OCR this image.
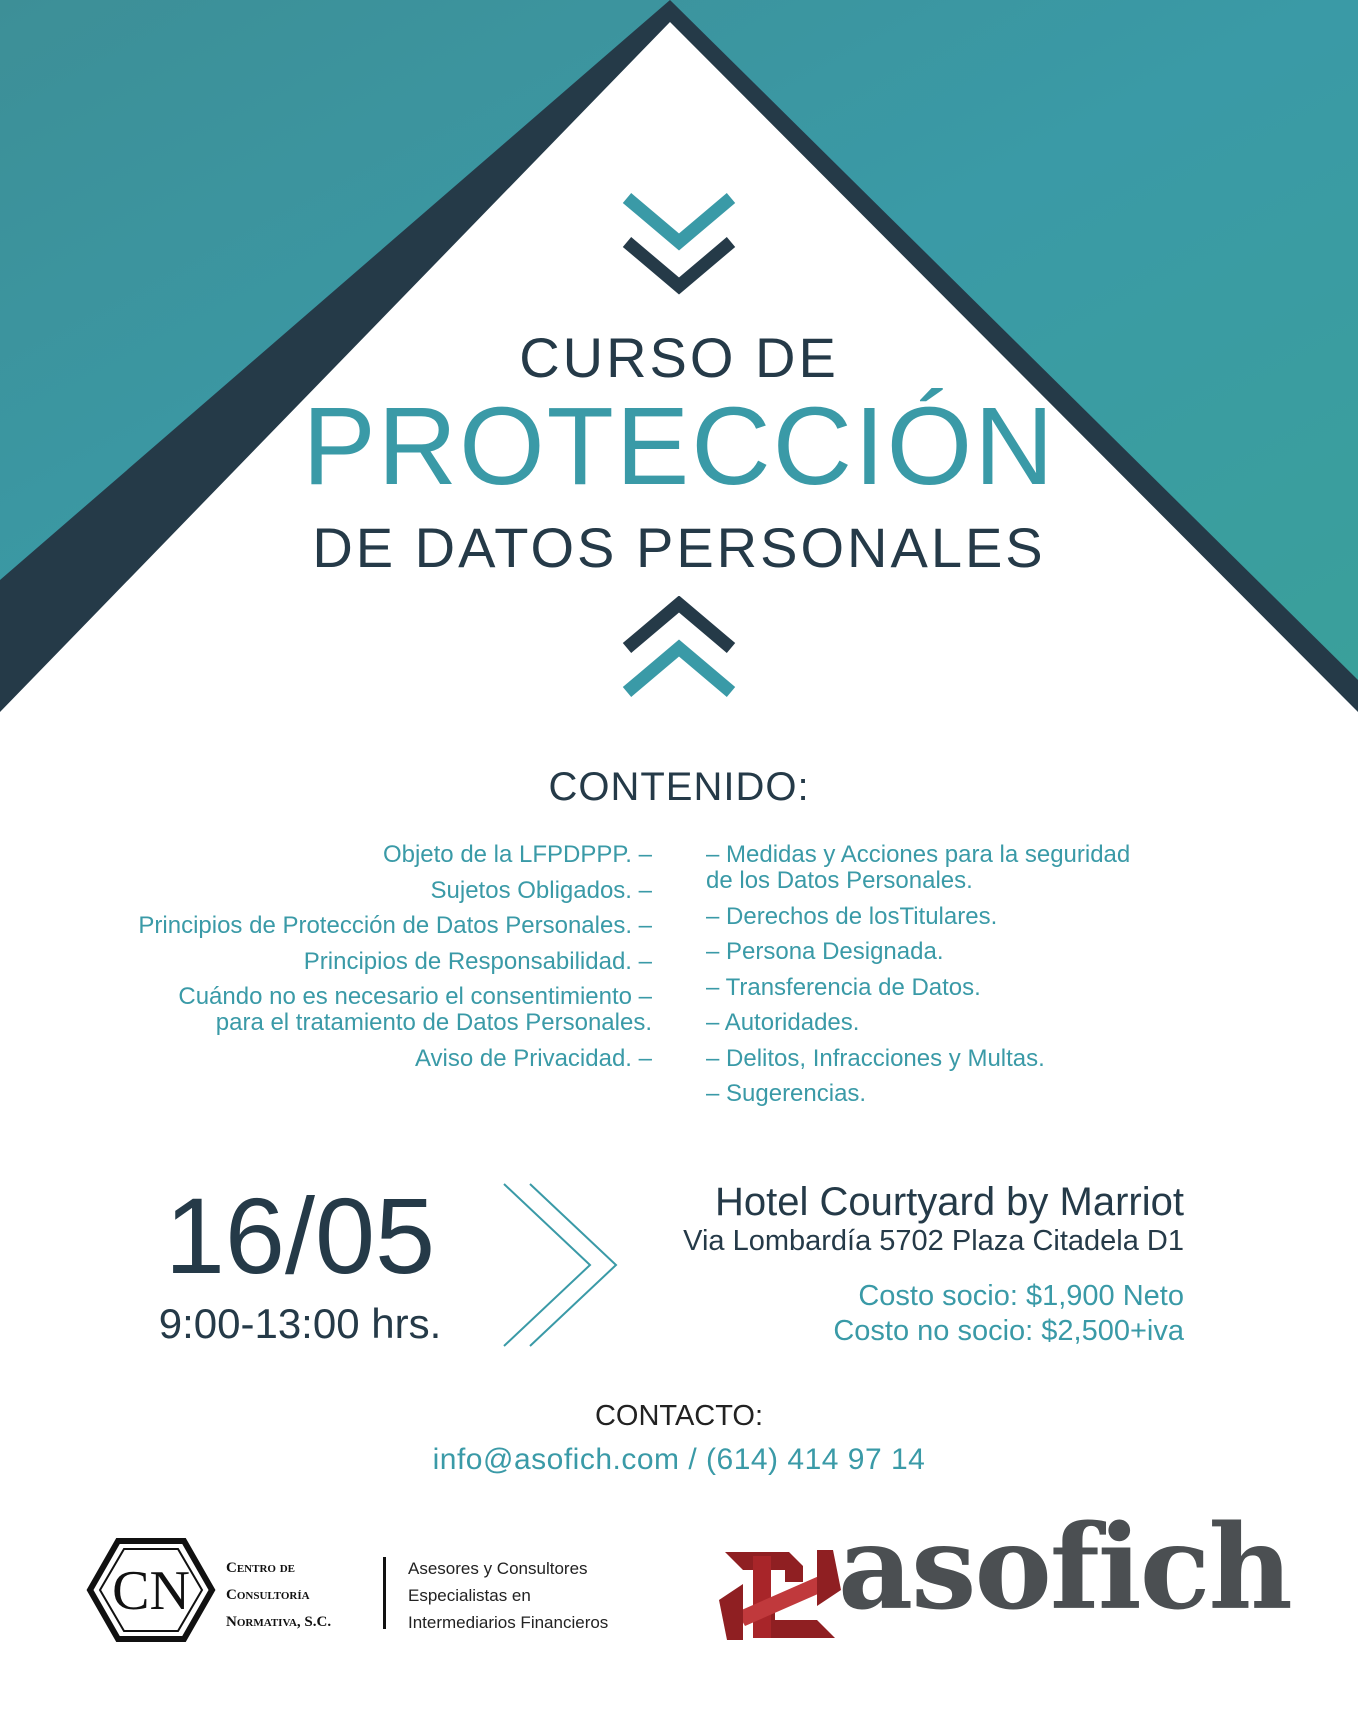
CURSO DE
PROTECCIÓN
DE DATOS PERSONALES
CONTENIDO:
Objeto de la LFPDPPP. –
Sujetos Obligados. –
Principios de Protección de Datos Personales. –
Principios de Responsabilidad. –
Cuándo no es necesario el consentimiento –
para el tratamiento de Datos Personales.
Aviso de Privacidad. –
– Medidas y Acciones para la seguridad
de los Datos Personales.
– Derechos de losTitulares.
– Persona Designada.
– Transferencia de Datos.
– Autoridades.
– Delitos, Infracciones y Multas.
– Sugerencias.
16/05
9:00-13:00 hrs.
Hotel Courtyard by Marriot
Via Lombardía 5702 Plaza Citadela D1
Costo socio: $1,900 Neto
Costo no socio: $2,500+iva
CONTACTO:
info@asofich.com / (614) 414 97 14
CN Centro de
Consultoría
Normativa, S.C.
Asesores y Consultores
Especialistas en
Intermediarios Financieros asofich
